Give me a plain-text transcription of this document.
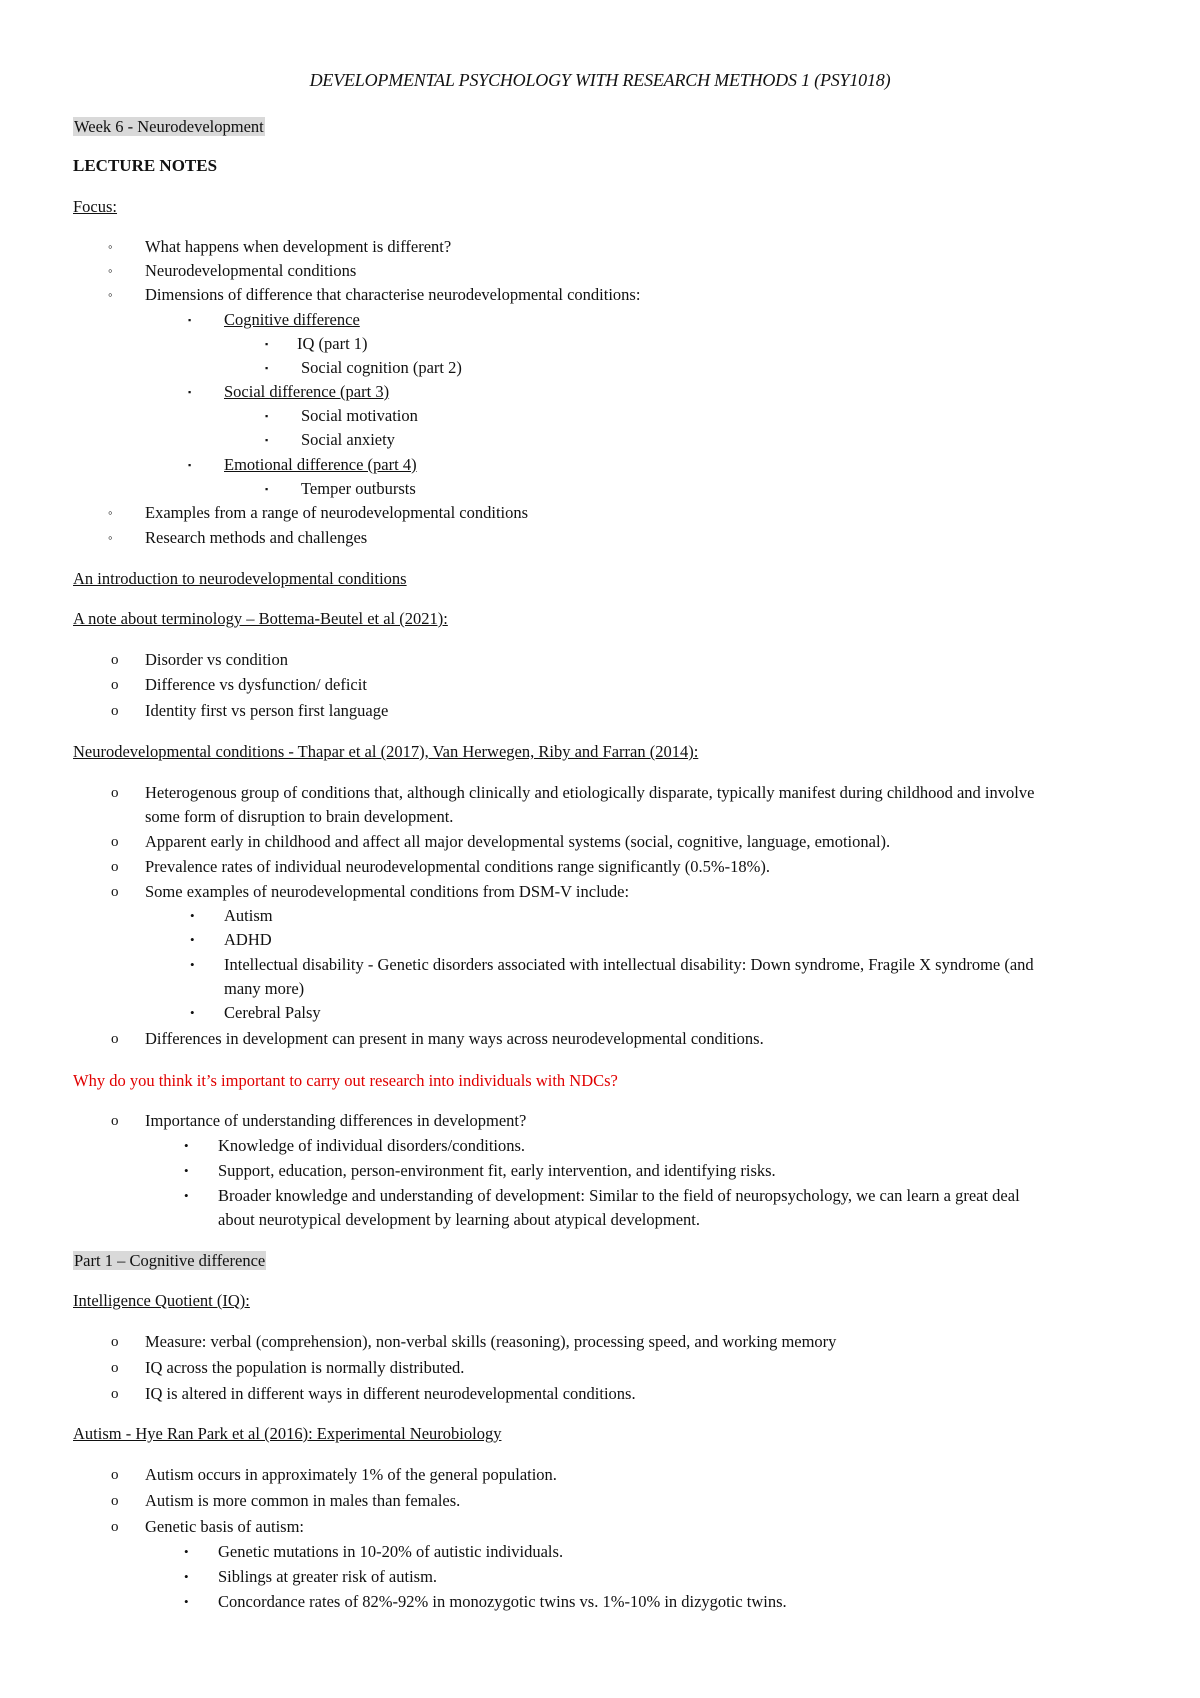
DEVELOPMENTAL PSYCHOLOGY WITH RESEARCH METHODS 1 (PSY1018)
Week 6 - Neurodevelopment
LECTURE NOTES
Focus:
◦ What happens when development is different?
◦ Neurodevelopmental conditions
◦ Dimensions of difference that characterise neurodevelopmental conditions:
▪ Cognitive difference
▪ IQ (part 1)
▪ Social cognition (part 2)
▪ Social difference (part 3)
▪ Social motivation
▪ Social anxiety
▪ Emotional difference (part 4)
▪ Temper outbursts
◦ Examples from a range of neurodevelopmental conditions
◦ Research methods and challenges
An introduction to neurodevelopmental conditions
A note about terminology – Bottema-Beutel et al (2021):
o Disorder vs condition
o Difference vs dysfunction/ deficit
o Identity first vs person first language
Neurodevelopmental conditions - Thapar et al (2017), Van Herwegen, Riby and Farran (2014):
o Heterogenous group of conditions that, although clinically and etiologically disparate, typically manifest during childhood and involve
some form of disruption to brain development.
o Apparent early in childhood and affect all major developmental systems (social, cognitive, language, emotional).
o Prevalence rates of individual neurodevelopmental conditions range significantly (0.5%-18%).
o Some examples of neurodevelopmental conditions from DSM-V include:
• Autism
• ADHD
• Intellectual disability - Genetic disorders associated with intellectual disability: Down syndrome, Fragile X syndrome (and
many more)
• Cerebral Palsy
o Differences in development can present in many ways across neurodevelopmental conditions.
Why do you think it’s important to carry out research into individuals with NDCs?
o Importance of understanding differences in development?
• Knowledge of individual disorders/conditions.
• Support, education, person-environment fit, early intervention, and identifying risks.
• Broader knowledge and understanding of development: Similar to the field of neuropsychology, we can learn a great deal
about neurotypical development by learning about atypical development.
Part 1 – Cognitive difference
Intelligence Quotient (IQ):
o Measure: verbal (comprehension), non-verbal skills (reasoning), processing speed, and working memory
o IQ across the population is normally distributed.
o IQ is altered in different ways in different neurodevelopmental conditions.
Autism - Hye Ran Park et al (2016): Experimental Neurobiology
o Autism occurs in approximately 1% of the general population.
o Autism is more common in males than females.
o Genetic basis of autism:
• Genetic mutations in 10-20% of autistic individuals.
• Siblings at greater risk of autism.
• Concordance rates of 82%-92% in monozygotic twins vs. 1%-10% in dizygotic twins.
